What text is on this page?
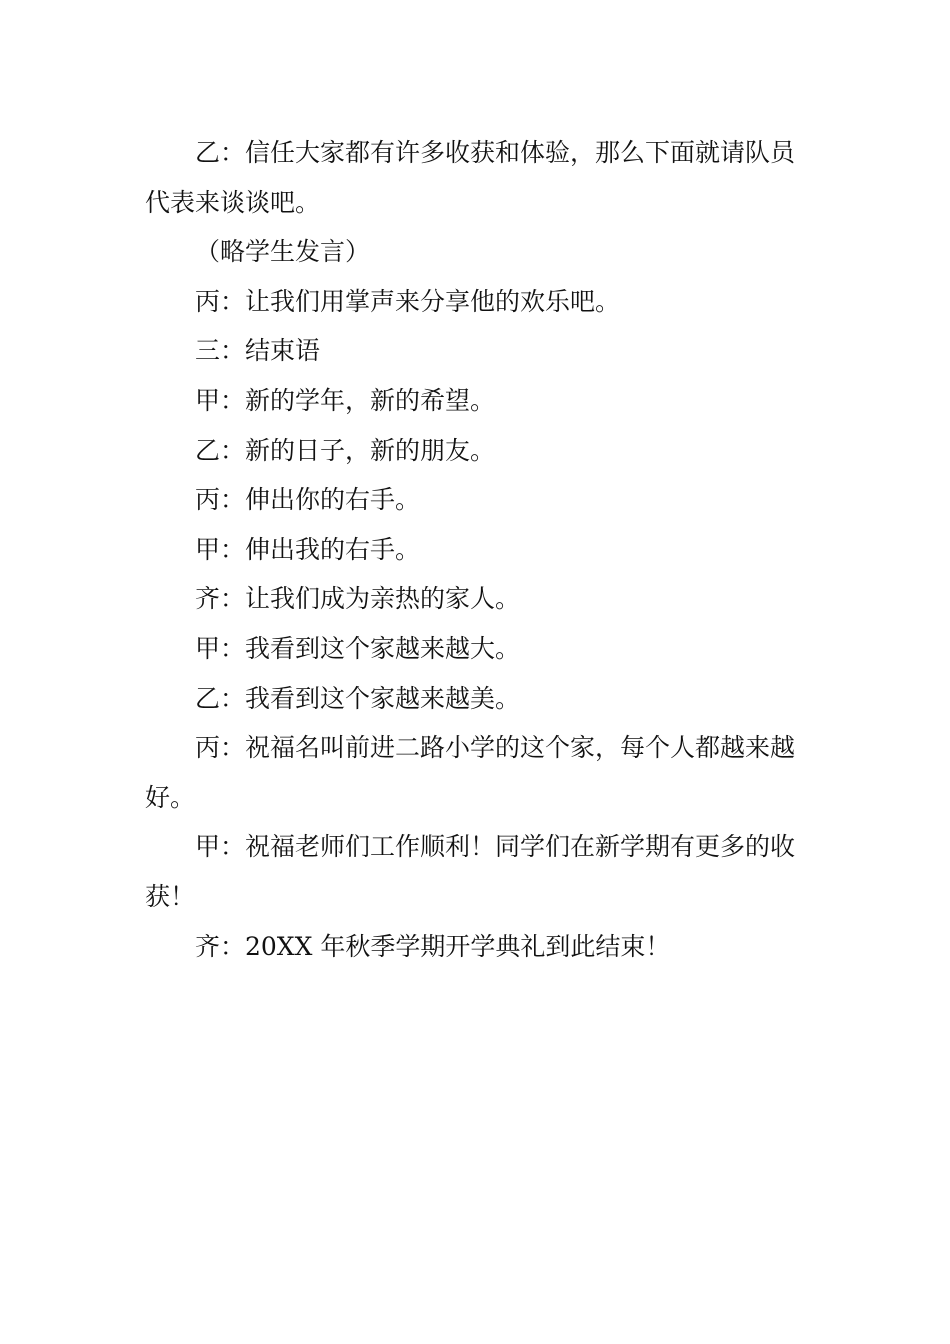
乙：信任大家都有许多收获和体验，那么下面就请队员代表来谈谈吧。

（略学生发言）

丙：让我们用掌声来分享他的欢乐吧。

三：结束语

甲：新的学年，新的希望。

乙：新的日子，新的朋友。

丙：伸出你的右手。

甲：伸出我的右手。

齐：让我们成为亲热的家人。

甲：我看到这个家越来越大。

乙：我看到这个家越来越美。

丙：祝福名叫前进二路小学的这个家，每个人都越来越好。

甲：祝福老师们工作顺利！同学们在新学期有更多的收获！

齐：20XX 年秋季学期开学典礼到此结束！
